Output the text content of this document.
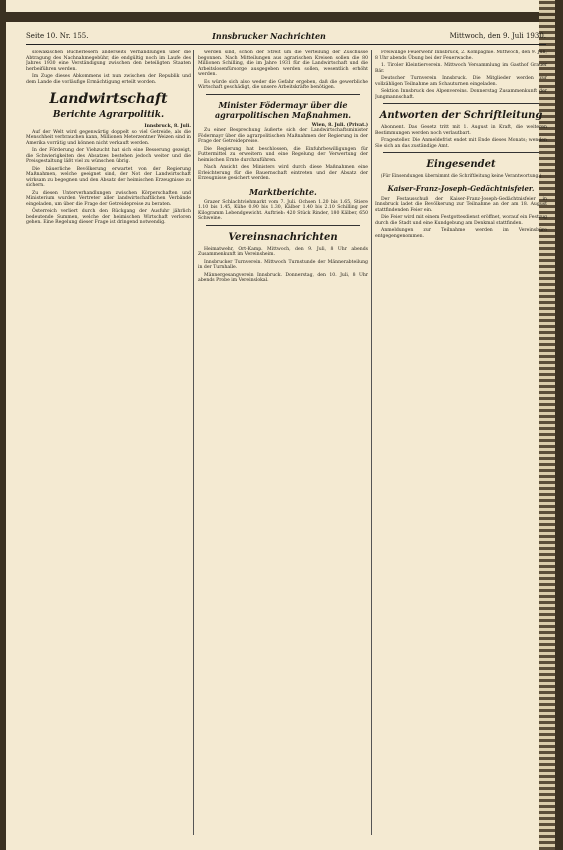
Seite 10. Nr. 155.	Innsbrucker Nachrichten	Mittwoch, den 9. Juli 1930.

slowakischen Bücherlesern anderseits Verhandlungen über die Abtragung des Nachnahmegebühr, die endgültig noch im Laufe des Jahres 1930 eine Verständigung zwischen den beteiligten Staaten herbeiführen werden.

Im Zuge dieses Abkommens ist nun zwischen der Republik und dem Lande die vorläufige Ermächtigung erteilt worden.

Landwirtschaft
Berichte Agrarpolitik.
Innsbruck, 8. Juli.

Auf der Welt wird gegenwärtig doppelt so viel Getreide, als die Menschheit verbrauchen kann, Millionen Meterzentner Weizen sind in Amerika vorrätig und können nicht verkauft werden.

In der Förderung der Viehzucht hat sich eine Besserung gezeigt, die Schwierigkeiten des Absatzes bestehen jedoch weiter und die Preisgestaltung läßt viel zu wünschen übrig.

Die bäuerliche Bevölkerung erwartet von der Regierung Maßnahmen, welche geeignet sind, der Not der Landwirtschaft wirksam zu begegnen und den Absatz der heimischen Erzeugnisse zu sichern.

Zu diesen Unterverhandlungen zwischen Körperschaften und Ministerium wurden Vertreter aller landwirtschaftlichen Verbände eingeladen, um über die Frage der Getreidepreise zu beraten.

Österreich verliert durch den Rückgang der Ausfuhr jährlich bedeutende Summen, welche der heimischen Wirtschaft verloren gehen. Eine Regelung dieser Frage ist dringend notwendig.

werden sind, schon der Streit um die Verteilung der Zuschüsse begonnen. Nach Mitteilungen aus agrarischen Kreisen sollen die 80 Millionen Schilling, die im Jahre 1931 für die Landwirtschaft und die Arbeitslosenfürsorge ausgegeben werden sollen, wesentlich erhöht werden.

Es würde sich also weder die Gefahr ergeben, daß die gewerbliche Wirtschaft geschädigt, die unsere Arbeitskräfte benötigen.

Minister Födermayr über die agrarpolitischen Maßnahmen.
Wien, 8. Juli. (Privat.)

Zu einer Besprechung äußerte sich der Landwirtschaftsminister Födermayr über die agrarpolitischen Maßnahmen der Regierung in der Frage der Getreidepreise.

Die Regierung hat beschlossen, die Einfuhrbewilligungen für Futtermittel zu erweitern und eine Regelung der Verwertung der heimischen Ernte durchzuführen.

Nach Ansicht des Ministers wird durch diese Maßnahmen eine Erleichterung für die Bauernschaft eintreten und der Absatz der Erzeugnisse gesichert werden.

Marktberichte.

Grazer Schlachtviehmarkt vom 7. Juli. Ochsen 1.20 bis 1.65, Stiere 1.10 bis 1.45, Kühe 0.90 bis 1.30, Kälber 1.40 bis 2.10 Schilling per Kilogramm Lebendgewicht. Auftrieb: 420 Stück Rinder, 180 Kälber, 650 Schweine.

Vereinsnachrichten

Heimatwehr, Ort-Kamp. Mittwoch, den 9. Juli, 8 Uhr abends Zusammenkunft im Vereinsheim.

Innsbrucker Turnverein. Mittwoch Turnstunde der Männerabteilung in der Turnhalle.

Männergesangverein Innsbruck. Donnerstag, den 10. Juli, 8 Uhr abends Probe im Vereinslokal.

Freiwillige Feuerwehr Innsbruck, 2. Kompagnie. Mittwoch, den 9. Juli, 8 Uhr abends Übung bei der Feuerwache.

1. Tiroler Kleintierverein. Mittwoch Versammlung im Gasthof Grauer Bär.

Deutscher Turnverein Innsbruck. Die Mitglieder werden zur vollzähligen Teilnahme am Schauturnen eingeladen.

Sektion Innsbruck des Alpenvereins. Donnerstag Zusammenkunft der Jungmannschaft.

Antworten der Schriftleitung

Abonnent. Das Gesetz tritt mit 1. August in Kraft, die weiteren Bestimmungen werden noch verlautbart.

Fragesteller. Die Anmeldefrist endet mit Ende dieses Monats; wenden Sie sich an das zuständige Amt.

Eingesendet
(Für Einsendungen übernimmt die Schriftleitung keine Verantwortung.)
Kaiser-Franz-Joseph-Gedächtnisfeier.

Der Festausschuß der Kaiser-Franz-Joseph-Gedächtnisfeier in Innsbruck ladet die Bevölkerung zur Teilnahme an der am 18. August stattfindenden Feier ein.

Die Feier wird mit einem Festgottesdienst eröffnet, worauf ein Festzug durch die Stadt und eine Kundgebung am Denkmal stattfinden.

Anmeldungen zur Teilnahme werden im Vereinsbüro entgegengenommen.
